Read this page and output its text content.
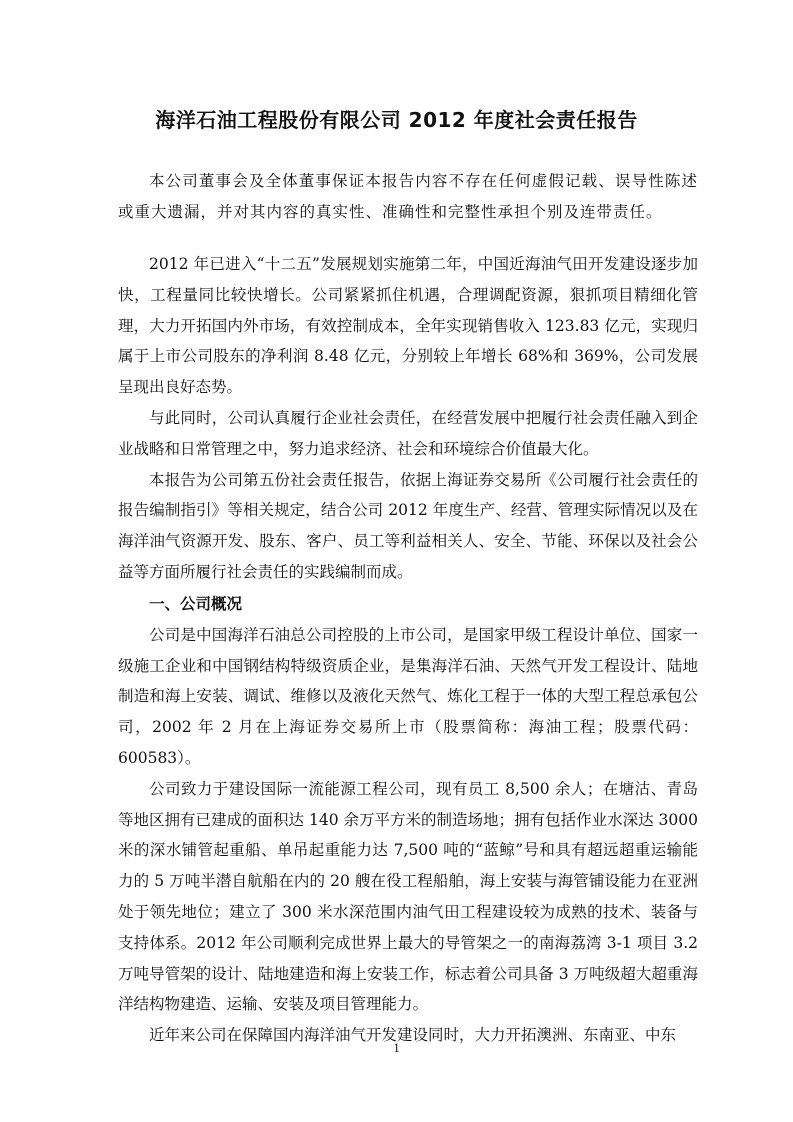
海洋石油工程股份有限公司 2012 年度社会责任报告

本公司董事会及全体董事保证本报告内容不存在任何虚假记载、误导性陈述或重大遗漏，并对其内容的真实性、准确性和完整性承担个别及连带责任。

2012 年已进入“十二五”发展规划实施第二年，中国近海油气田开发建设逐步加快，工程量同比较快增长。公司紧紧抓住机遇，合理调配资源，狠抓项目精细化管理，大力开拓国内外市场，有效控制成本，全年实现销售收入 123.83 亿元，实现归属于上市公司股东的净利润 8.48 亿元，分别较上年增长 68%和 369%，公司发展呈现出良好态势。

与此同时，公司认真履行企业社会责任，在经营发展中把履行社会责任融入到企业战略和日常管理之中，努力追求经济、社会和环境综合价值最大化。

本报告为公司第五份社会责任报告，依据上海证券交易所《公司履行社会责任的报告编制指引》等相关规定，结合公司 2012 年度生产、经营、管理实际情况以及在海洋油气资源开发、股东、客户、员工等利益相关人、安全、节能、环保以及社会公益等方面所履行社会责任的实践编制而成。

一、公司概况

公司是中国海洋石油总公司控股的上市公司，是国家甲级工程设计单位、国家一级施工企业和中国钢结构特级资质企业，是集海洋石油、天然气开发工程设计、陆地制造和海上安装、调试、维修以及液化天然气、炼化工程于一体的大型工程总承包公司，2002 年 2 月在上海证券交易所上市（股票简称：海油工程；股票代码：600583）。

公司致力于建设国际一流能源工程公司，现有员工 8,500 余人；在塘沽、青岛等地区拥有已建成的面积达 140 余万平方米的制造场地；拥有包括作业水深达 3000米的深水铺管起重船、单吊起重能力达 7,500 吨的“蓝鲸”号和具有超远超重运输能力的 5 万吨半潜自航船在内的 20 艘在役工程船舶，海上安装与海管铺设能力在亚洲处于领先地位；建立了 300 米水深范围内油气田工程建设较为成熟的技术、装备与支持体系。2012 年公司顺利完成世界上最大的导管架之一的南海荔湾 3-1 项目 3.2 万吨导管架的设计、陆地建造和海上安装工作，标志着公司具备 3 万吨级超大超重海洋结构物建造、运输、安装及项目管理能力。

近年来公司在保障国内海洋油气开发建设同时，大力开拓澳洲、东南亚、中东

1
